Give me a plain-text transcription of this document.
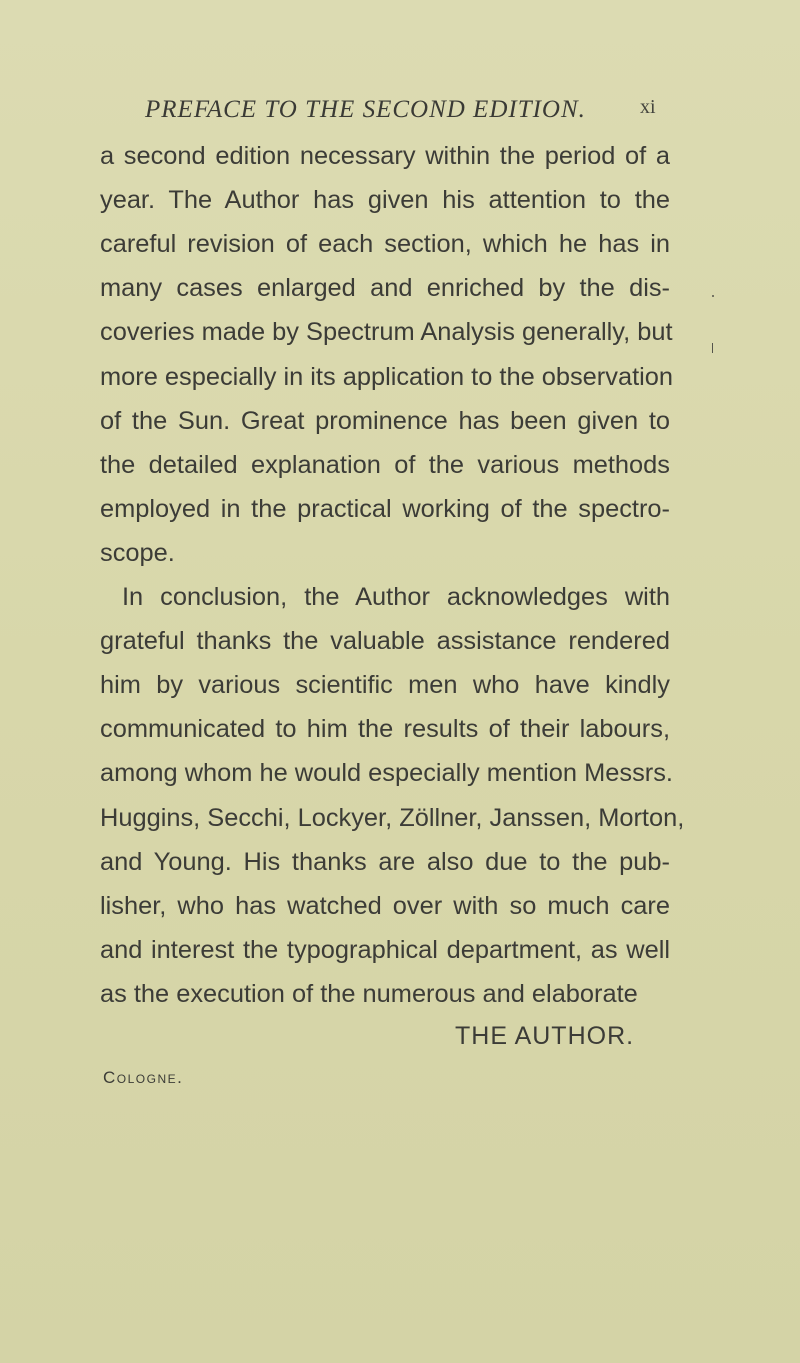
PREFACE TO THE SECOND EDITION.	xi
a second edition necessary within the period of a
year. The Author has given his attention to the
careful revision of each section, which he has in
many cases enlarged and enriched by the dis-
coveries made by Spectrum Analysis generally, but
more especially in its application to the observation
of the Sun. Great prominence has been given to
the detailed explanation of the various methods
employed in the practical working of the spectro-
scope.
In conclusion, the Author acknowledges with
grateful thanks the valuable assistance rendered
him by various scientific men who have kindly
communicated to him the results of their labours,
among whom he would especially mention Messrs.
Huggins, Secchi, Lockyer, Zöllner, Janssen, Morton,
and Young. His thanks are also due to the pub-
lisher, who has watched over with so much care
and interest the typographical department, as well
as the execution of the numerous and elaborate
THE AUTHOR.
Cologne.
